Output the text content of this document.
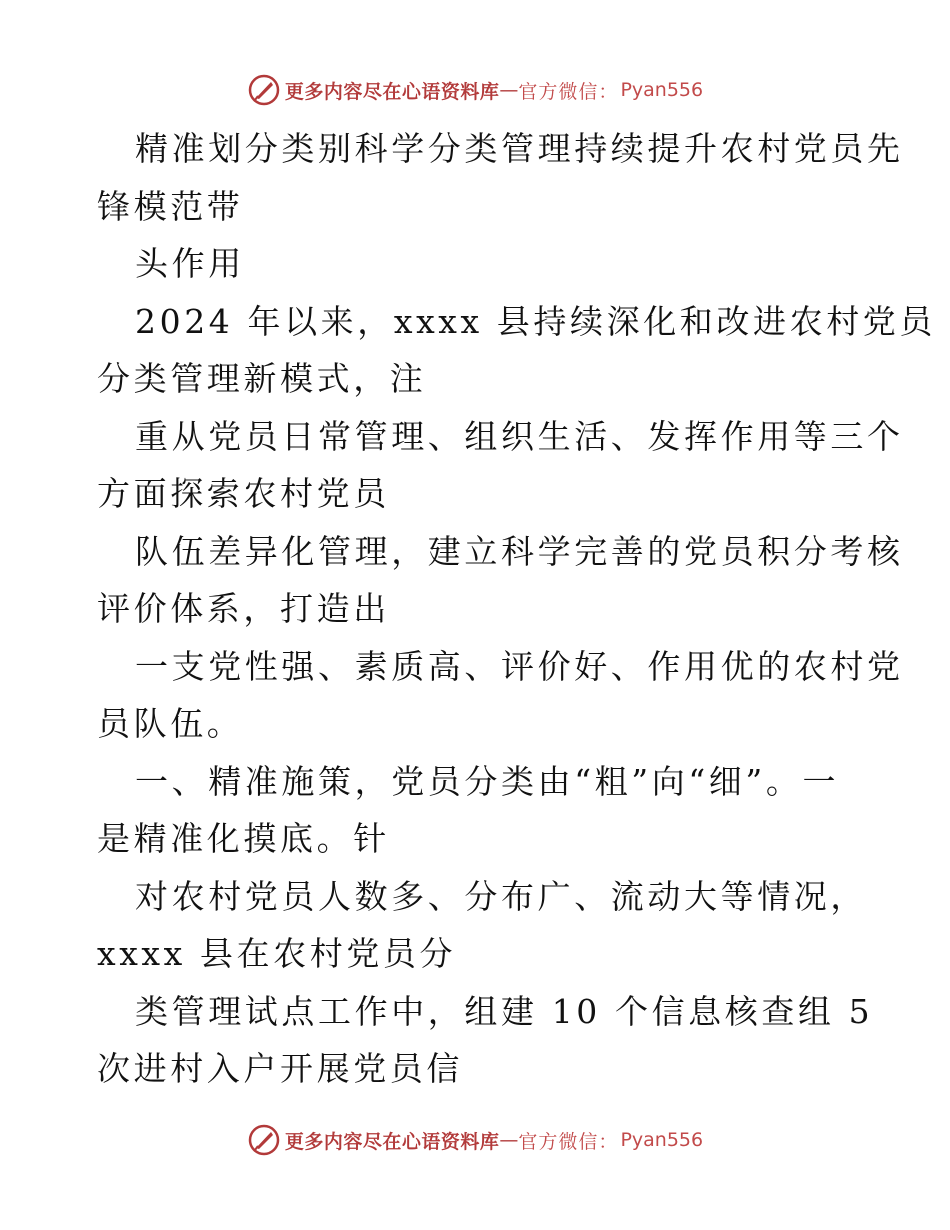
更多内容尽在心语资料库 — 官方微信： Pyan556
精准划分类别科学分类管理持续提升农村党员先
锋模范带
头作用
2024 年以来，xxxx 县持续深化和改进农村党员
分类管理新模式，注
重从党员日常管理、组织生活、发挥作用等三个
方面探索农村党员
队伍差异化管理，建立科学完善的党员积分考核
评价体系，打造出
一支党性强、素质高、评价好、作用优的农村党
员队伍。
一、精准施策，党员分类由“粗”向“细”。一
是精准化摸底。针
对农村党员人数多、分布广、流动大等情况，
xxxx 县在农村党员分
类管理试点工作中，组建 10 个信息核查组 5
次进村入户开展党员信
更多内容尽在心语资料库 — 官方微信： Pyan556
